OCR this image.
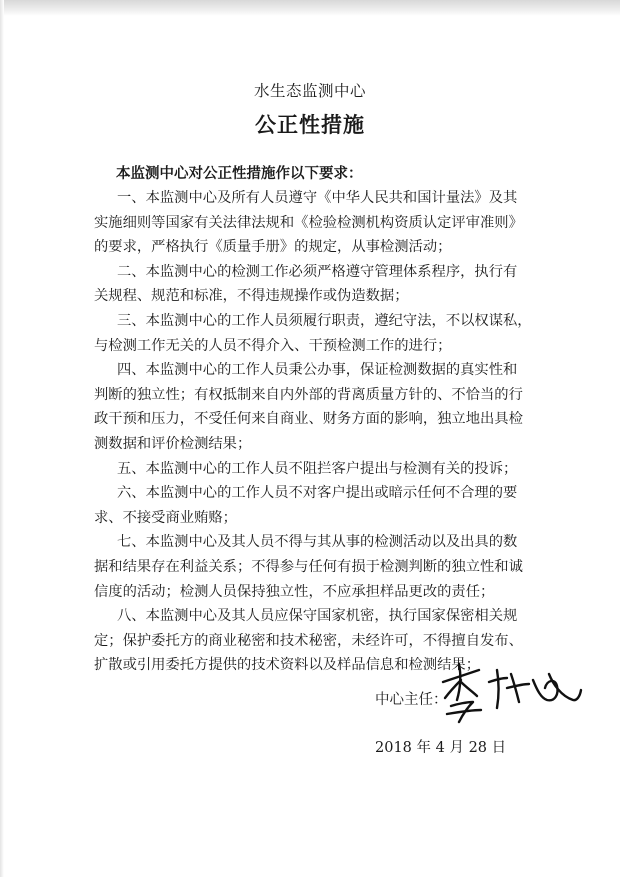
水生态监测中心
公正性措施
本监测中心对公正性措施作以下要求：
一、本监测中心及所有人员遵守《中华人民共和国计量法》及其
实施细则等国家有关法律法规和《检验检测机构资质认定评审准则》
的要求，严格执行《质量手册》的规定，从事检测活动；
二、本监测中心的检测工作必须严格遵守管理体系程序，执行有
关规程、规范和标准，不得违规操作或伪造数据；
三、本监测中心的工作人员须履行职责，遵纪守法，不以权谋私，
与检测工作无关的人员不得介入、干预检测工作的进行；
四、本监测中心的工作人员秉公办事，保证检测数据的真实性和
判断的独立性；有权抵制来自内外部的背离质量方针的、不恰当的行
政干预和压力，不受任何来自商业、财务方面的影响，独立地出具检
测数据和评价检测结果；
五、本监测中心的工作人员不阻拦客户提出与检测有关的投诉；
六、本监测中心的工作人员不对客户提出或暗示任何不合理的要
求、不接受商业贿赂；
七、本监测中心及其人员不得与其从事的检测活动以及出具的数
据和结果存在利益关系；不得参与任何有损于检测判断的独立性和诚
信度的活动；检测人员保持独立性，不应承担样品更改的责任；
八、本监测中心及其人员应保守国家机密，执行国家保密相关规
定；保护委托方的商业秘密和技术秘密，未经许可，不得擅自发布、
扩散或引用委托方提供的技术资料以及样品信息和检测结果；
中心主任：
2018 年 4 月 28 日
